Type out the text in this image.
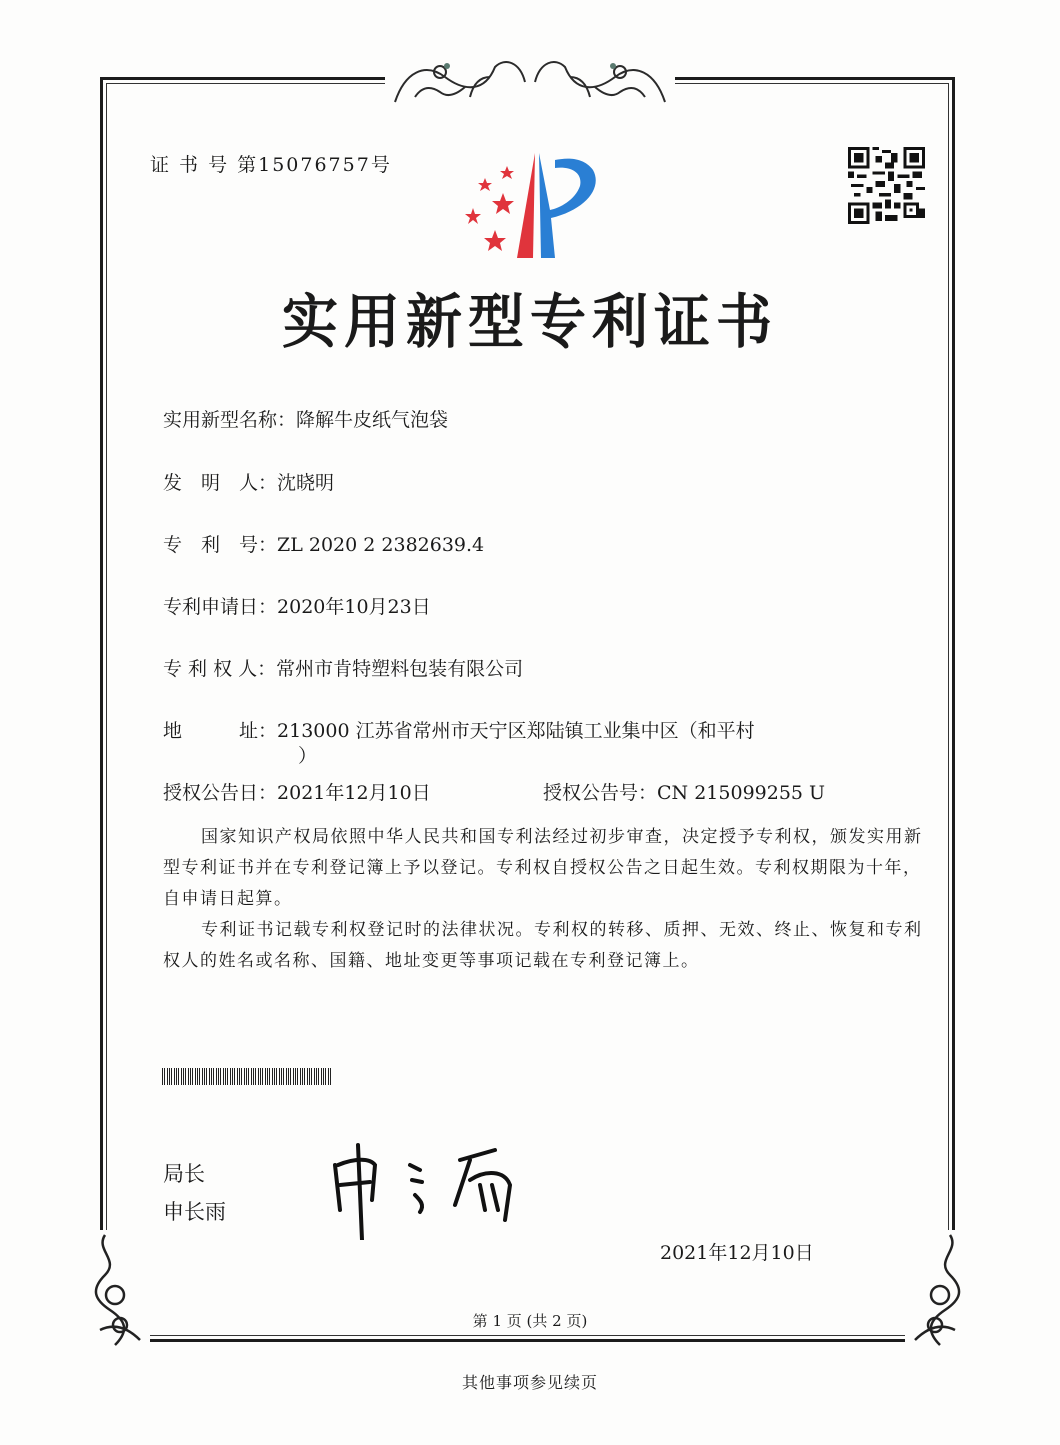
证 书 号 第15076757号
实用新型专利证书
实用新型名称：降解牛皮纸气泡袋
发　明　人：沈晓明
专　利　号：ZL 2020 2 2382639.4
专利申请日：2020年10月23日
专 利 权 人：常州市肯特塑料包装有限公司
地　　　址：213000 江苏省常州市天宁区郑陆镇工业集中区（和平村
）
授权公告日：2021年12月10日	授权公告号：CN 215099255 U

国家知识产权局依照中华人民共和国专利法经过初步审查，决定授予专利权，颁发实用新型专利证书并在专利登记簿上予以登记。专利权自授权公告之日起生效。专利权期限为十年，自申请日起算。

专利证书记载专利权登记时的法律状况。专利权的转移、质押、无效、终止、恢复和专利权人的姓名或名称、国籍、地址变更等事项记载在专利登记簿上。

局长
申长雨
2021年12月10日
第 1 页 (共 2 页)
其他事项参见续页
